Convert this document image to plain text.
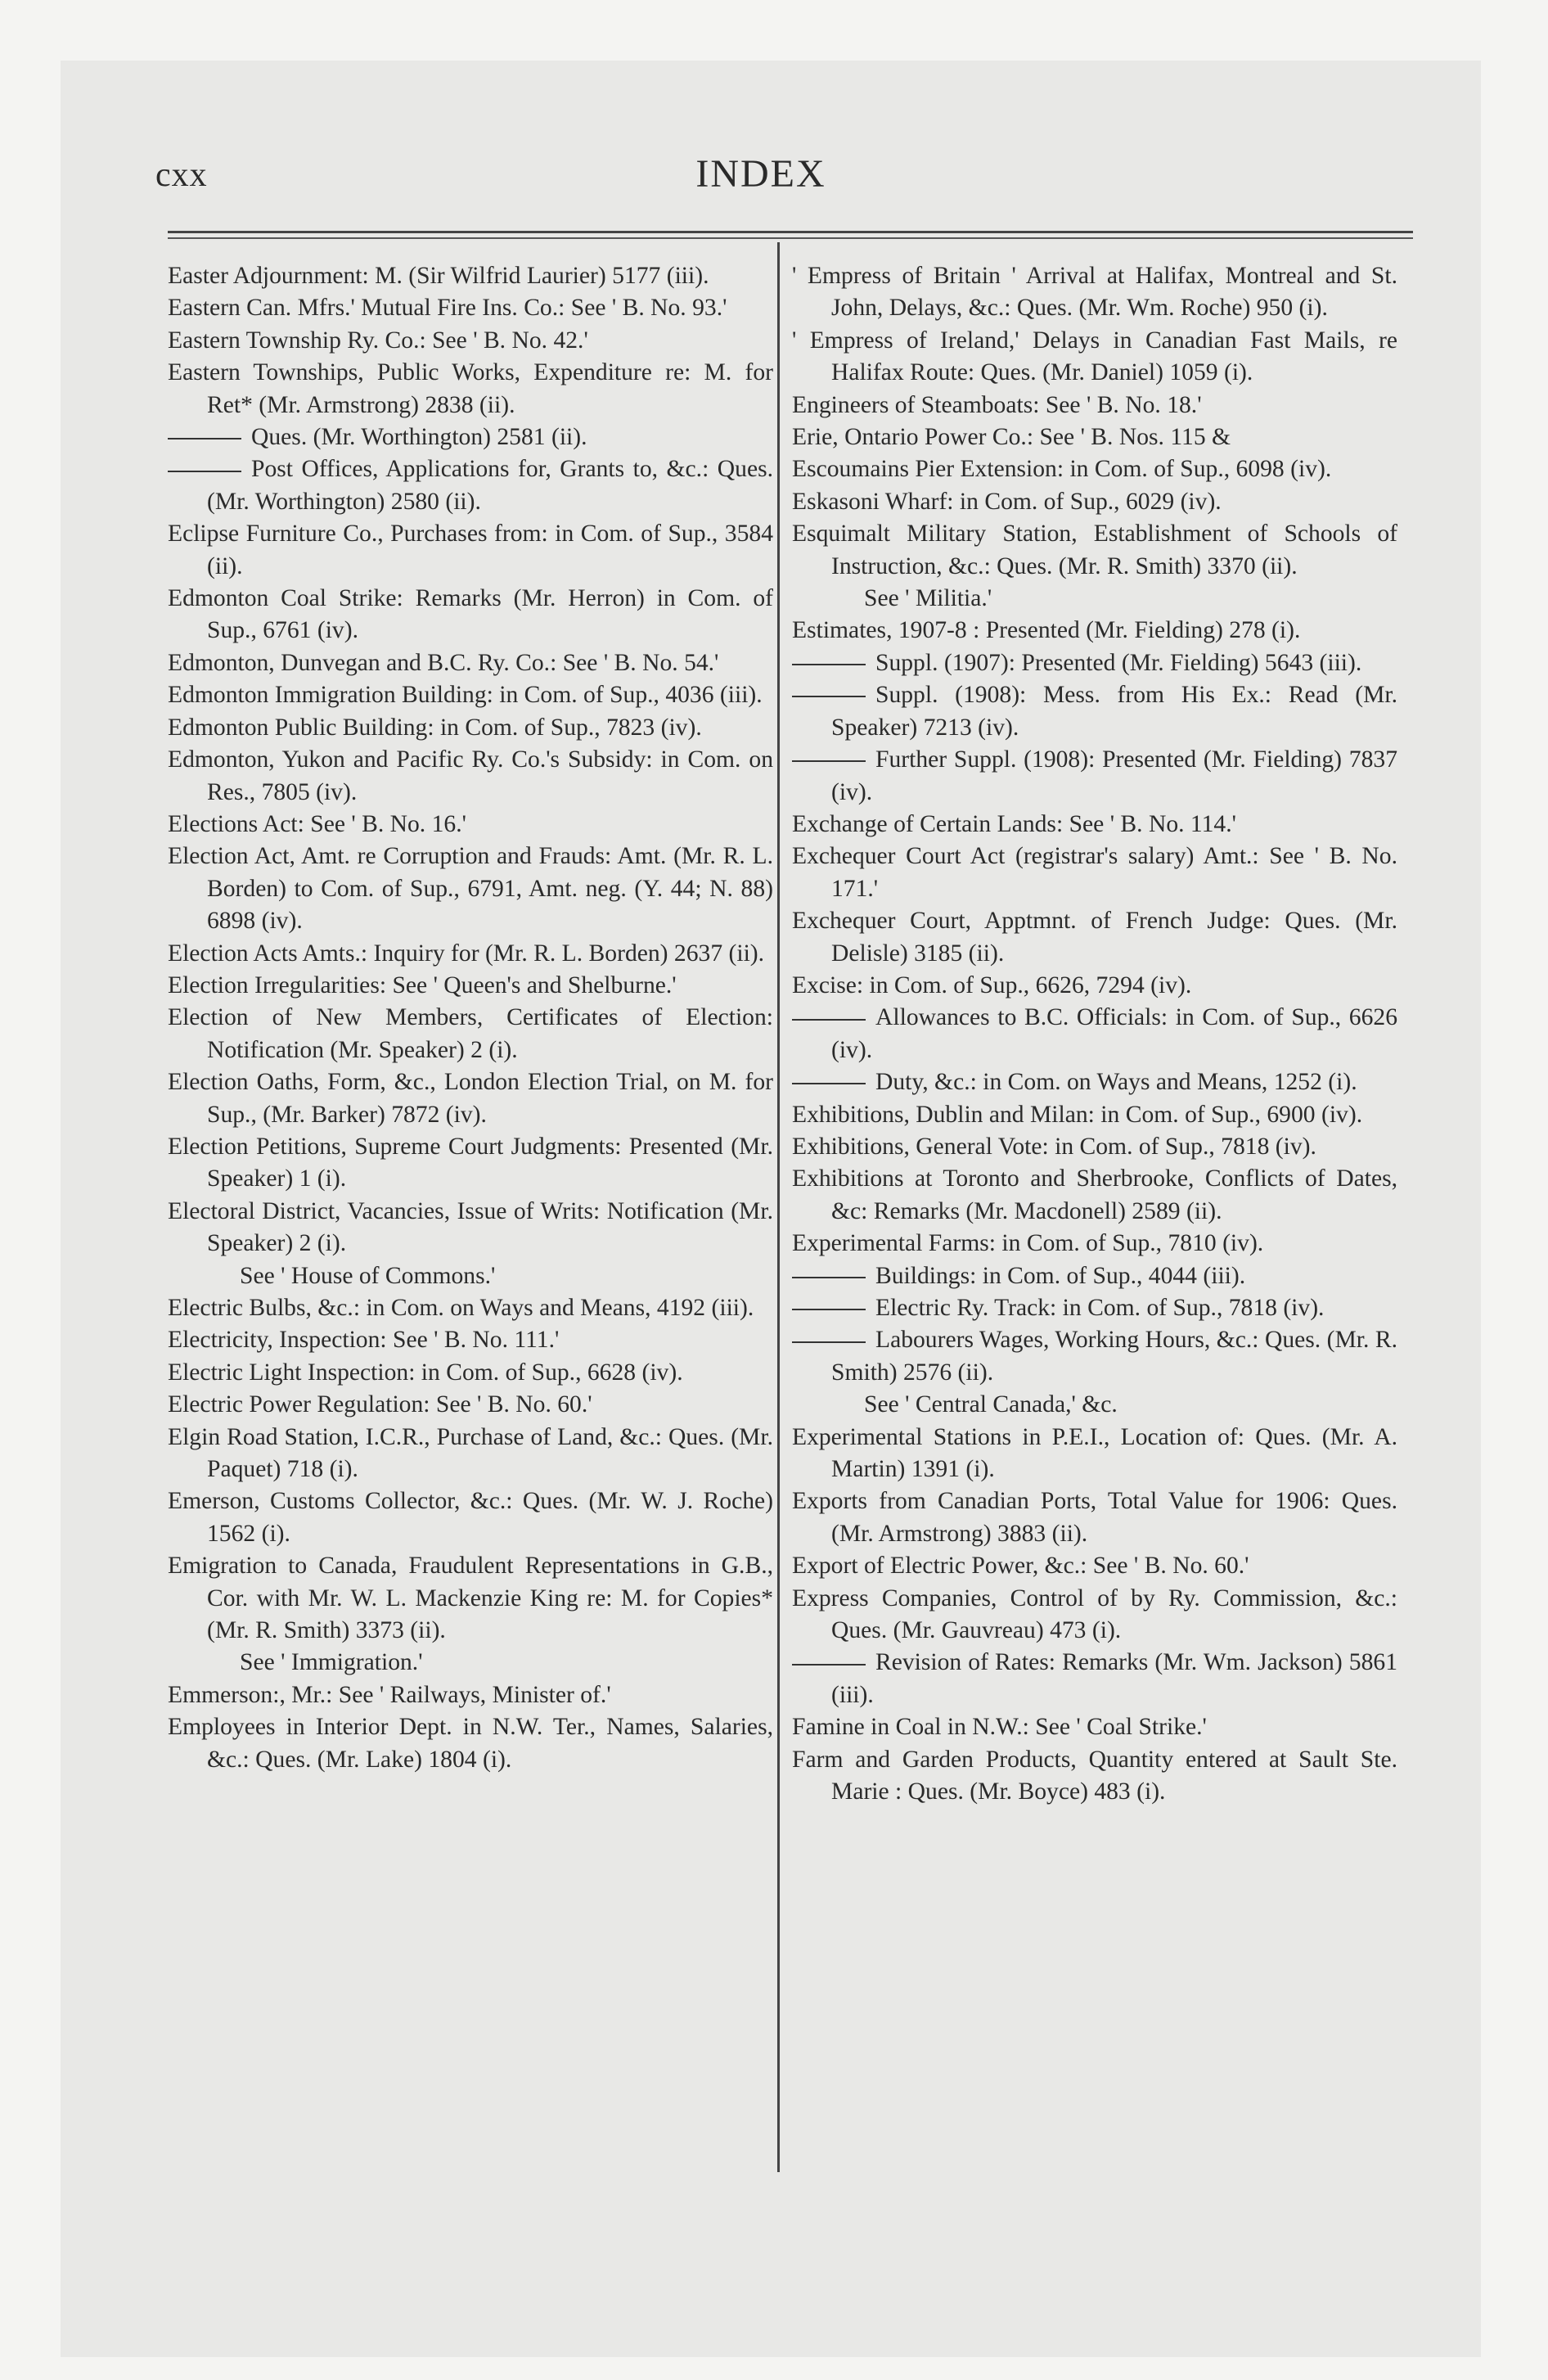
cxx	INDEX

Easter Adjournment: M. (Sir Wilfrid Laurier) 5177 (iii).

Eastern Can. Mfrs.' Mutual Fire Ins. Co.: See ' B. No. 93.'

Eastern Township Ry. Co.: See ' B. No. 42.'

Eastern Townships, Public Works, Expenditure re: M. for Ret* (Mr. Armstrong) 2838 (ii).

Ques. (Mr. Worthington) 2581 (ii).

Post Offices, Applications for, Grants to, &c.: Ques. (Mr. Worthington) 2580 (ii).

Eclipse Furniture Co., Purchases from: in Com. of Sup., 3584 (ii).

Edmonton Coal Strike: Remarks (Mr. Herron) in Com. of Sup., 6761 (iv).

Edmonton, Dunvegan and B.C. Ry. Co.: See ' B. No. 54.'

Edmonton Immigration Building: in Com. of Sup., 4036 (iii).

Edmonton Public Building: in Com. of Sup., 7823 (iv).

Edmonton, Yukon and Pacific Ry. Co.'s Subsidy: in Com. on Res., 7805 (iv).

Elections Act: See ' B. No. 16.'

Election Act, Amt. re Corruption and Frauds: Amt. (Mr. R. L. Borden) to Com. of Sup., 6791, Amt. neg. (Y. 44; N. 88) 6898 (iv).

Election Acts Amts.: Inquiry for (Mr. R. L. Borden) 2637 (ii).

Election Irregularities: See ' Queen's and Shelburne.'

Election of New Members, Certificates of Election: Notification (Mr. Speaker) 2 (i).

Election Oaths, Form, &c., London Election Trial, on M. for Sup., (Mr. Barker) 7872 (iv).

Election Petitions, Supreme Court Judgments: Presented (Mr. Speaker) 1 (i).

Electoral District, Vacancies, Issue of Writs: Notification (Mr. Speaker) 2 (i).

See ' House of Commons.'

Electric Bulbs, &c.: in Com. on Ways and Means, 4192 (iii).

Electricity, Inspection: See ' B. No. 111.'

Electric Light Inspection: in Com. of Sup., 6628 (iv).

Electric Power Regulation: See ' B. No. 60.'

Elgin Road Station, I.C.R., Purchase of Land, &c.: Ques. (Mr. Paquet) 718 (i).

Emerson, Customs Collector, &c.: Ques. (Mr. W. J. Roche) 1562 (i).

Emigration to Canada, Fraudulent Representations in G.B., Cor. with Mr. W. L. Mackenzie King re: M. for Copies* (Mr. R. Smith) 3373 (ii).

See ' Immigration.'

Emmerson:, Mr.: See ' Railways, Minister of.'

Employees in Interior Dept. in N.W. Ter., Names, Salaries, &c.: Ques. (Mr. Lake) 1804 (i).

' Empress of Britain ' Arrival at Halifax, Montreal and St. John, Delays, &c.: Ques. (Mr. Wm. Roche) 950 (i).

' Empress of Ireland,' Delays in Canadian Fast Mails, re Halifax Route: Ques. (Mr. Daniel) 1059 (i).

Engineers of Steamboats: See ' B. No. 18.'

Erie, Ontario Power Co.: See ' B. Nos. 115 &

Escoumains Pier Extension: in Com. of Sup., 6098 (iv).

Eskasoni Wharf: in Com. of Sup., 6029 (iv).

Esquimalt Military Station, Establishment of Schools of Instruction, &c.: Ques. (Mr. R. Smith) 3370 (ii).

See ' Militia.'

Estimates, 1907-8 : Presented (Mr. Fielding) 278 (i).

Suppl. (1907): Presented (Mr. Fielding) 5643 (iii).

Suppl. (1908): Mess. from His Ex.: Read (Mr. Speaker) 7213 (iv).

Further Suppl. (1908): Presented (Mr. Fielding) 7837 (iv).

Exchange of Certain Lands: See ' B. No. 114.'

Exchequer Court Act (registrar's salary) Amt.: See ' B. No. 171.'

Exchequer Court, Apptmnt. of French Judge: Ques. (Mr. Delisle) 3185 (ii).

Excise: in Com. of Sup., 6626, 7294 (iv).

Allowances to B.C. Officials: in Com. of Sup., 6626 (iv).

Duty, &c.: in Com. on Ways and Means, 1252 (i).

Exhibitions, Dublin and Milan: in Com. of Sup., 6900 (iv).

Exhibitions, General Vote: in Com. of Sup., 7818 (iv).

Exhibitions at Toronto and Sherbrooke, Conflicts of Dates, &c: Remarks (Mr. Macdonell) 2589 (ii).

Experimental Farms: in Com. of Sup., 7810 (iv).

Buildings: in Com. of Sup., 4044 (iii).

Electric Ry. Track: in Com. of Sup., 7818 (iv).

Labourers Wages, Working Hours, &c.: Ques. (Mr. R. Smith) 2576 (ii).

See ' Central Canada,' &c.

Experimental Stations in P.E.I., Location of: Ques. (Mr. A. Martin) 1391 (i).

Exports from Canadian Ports, Total Value for 1906: Ques. (Mr. Armstrong) 3883 (ii).

Export of Electric Power, &c.: See ' B. No. 60.'

Express Companies, Control of by Ry. Commission, &c.: Ques. (Mr. Gauvreau) 473 (i).

Revision of Rates: Remarks (Mr. Wm. Jackson) 5861 (iii).

Famine in Coal in N.W.: See ' Coal Strike.'

Farm and Garden Products, Quantity entered at Sault Ste. Marie : Ques. (Mr. Boyce) 483 (i).
